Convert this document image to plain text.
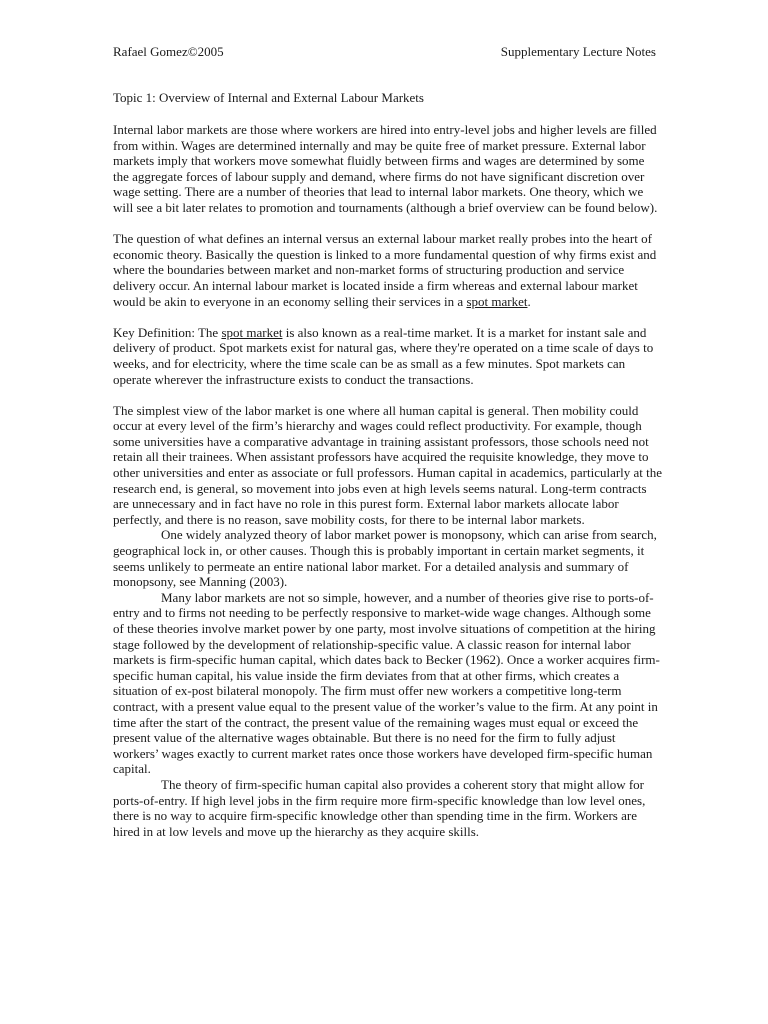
Rafael Gomez©2005	Supplementary Lecture Notes
Topic 1: Overview of Internal and External Labour Markets

Internal labor markets are those where workers are hired into entry-level jobs and higher levels are filled from within. Wages are determined internally and may be quite free of market pressure. External labor markets imply that workers move somewhat fluidly between firms and wages are determined by some the aggregate forces of labour supply and demand, where firms do not have significant discretion over wage setting. There are a number of theories that lead to internal labor markets. One theory, which we will see a bit later relates to promotion and tournaments (although a brief overview can be found below).

The question of what defines an internal versus an external labour market really probes into the heart of economic theory. Basically the question is linked to a more fundamental question of why firms exist and where the boundaries between market and non-market forms of structuring production and service delivery occur. An internal labour market is located inside a firm whereas and external labour market would be akin to everyone in an economy selling their services in a spot market.

Key Definition: The spot market is also known as a real-time market. It is a market for instant sale and delivery of product. Spot markets exist for natural gas, where they're operated on a time scale of days to weeks, and for electricity, where the time scale can be as small as a few minutes. Spot markets can operate wherever the infrastructure exists to conduct the transactions.

The simplest view of the labor market is one where all human capital is general. Then mobility could occur at every level of the firm’s hierarchy and wages could reflect productivity. For example, though some universities have a comparative advantage in training assistant professors, those schools need not retain all their trainees. When assistant professors have acquired the requisite knowledge, they move to other universities and enter as associate or full professors. Human capital in academics, particularly at the research end, is general, so movement into jobs even at high levels seems natural. Long-term contracts are unnecessary and in fact have no role in this purest form. External labor markets allocate labor perfectly, and there is no reason, save mobility costs, for there to be internal labor markets.

One widely analyzed theory of labor market power is monopsony, which can arise from search, geographical lock in, or other causes. Though this is probably important in certain market segments, it seems unlikely to permeate an entire national labor market. For a detailed analysis and summary of monopsony, see Manning (2003).

Many labor markets are not so simple, however, and a number of theories give rise to ports-of-entry and to firms not needing to be perfectly responsive to market-wide wage changes. Although some of these theories involve market power by one party, most involve situations of competition at the hiring stage followed by the development of relationship-specific value. A classic reason for internal labor markets is firm-specific human capital, which dates back to Becker (1962). Once a worker acquires firm-specific human capital, his value inside the firm deviates from that at other firms, which creates a situation of ex-post bilateral monopoly. The firm must offer new workers a competitive long-term contract, with a present value equal to the present value of the worker’s value to the firm. At any point in time after the start of the contract, the present value of the remaining wages must equal or exceed the present value of the alternative wages obtainable. But there is no need for the firm to fully adjust workers’ wages exactly to current market rates once those workers have developed firm-specific human capital.

The theory of firm-specific human capital also provides a coherent story that might allow for ports-of-entry. If high level jobs in the firm require more firm-specific knowledge than low level ones, there is no way to acquire firm-specific knowledge other than spending time in the firm. Workers are hired in at low levels and move up the hierarchy as they acquire skills.
